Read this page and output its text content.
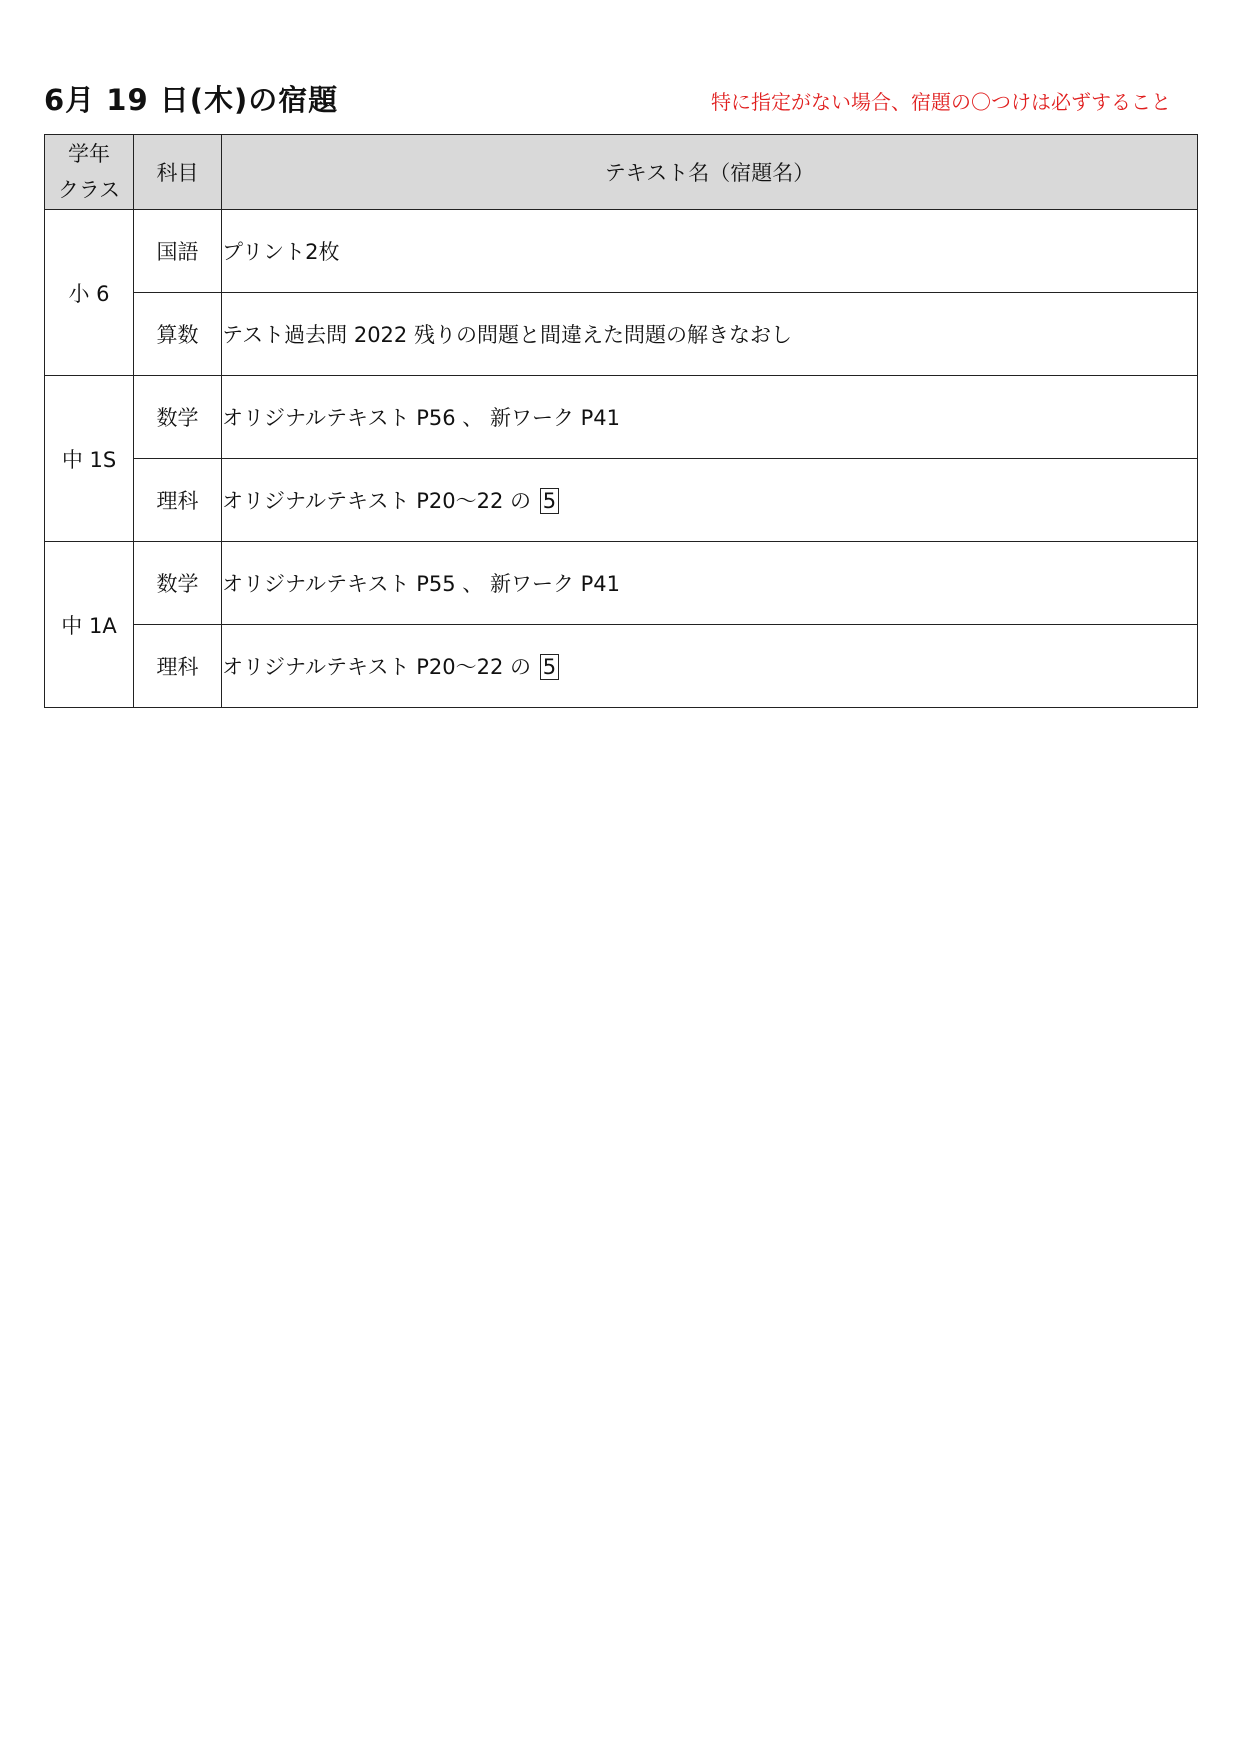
6月 19 日(木)の宿題	特に指定がない場合、宿題の〇つけは必ずすること
学年
クラス	科目	テキスト名（宿題名）
小 6	国語	プリント2枚
	算数	テスト過去問 2022 残りの問題と間違えた問題の解きなおし
中 1S	数学	オリジナルテキスト P56 、 新ワーク P41
	理科	オリジナルテキスト P20～22 の 5
中 1A	数学	オリジナルテキスト P55 、 新ワーク P41
	理科	オリジナルテキスト P20～22 の 5
